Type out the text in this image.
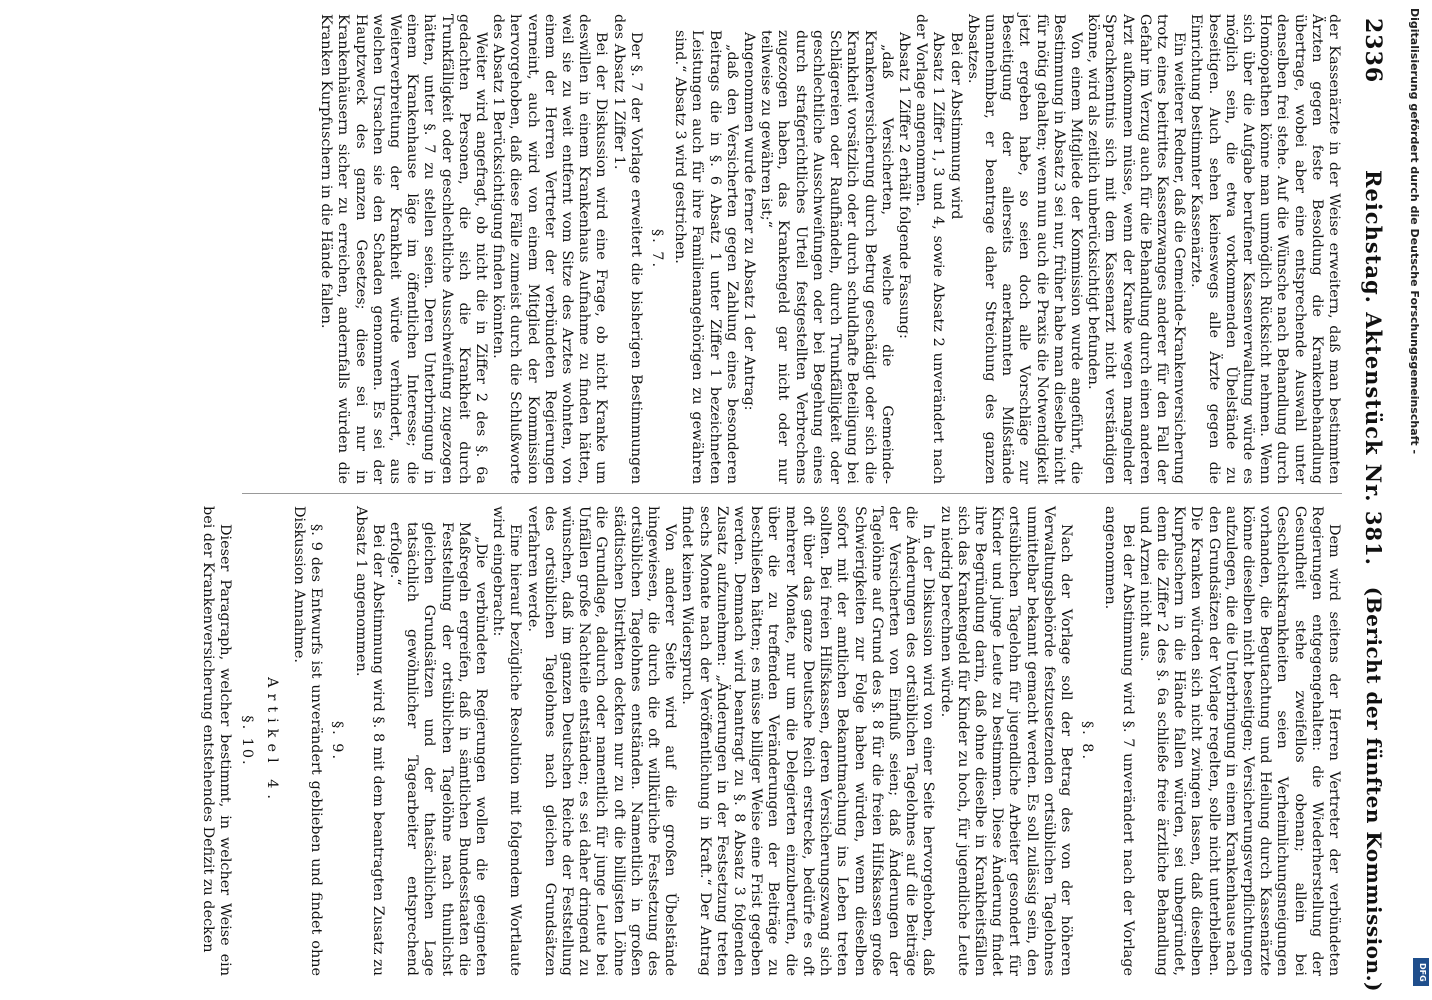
2336
Reichstag. Aktenstück Nr. 381.
(Bericht der fünften Kommission.)

der Kassenärzte in der Weise erweitern, daß man bestimmten Ärzten gegen feste Besoldung die Krankenbehandlung übertrage, wobei aber eine entsprechende Auswahl unter denselben frei stehe. Auf die Wünsche nach Behandlung durch Homöopathen könne man unmöglich Rücksicht nehmen. Wenn sich über die Aufgabe berufener Kassenverwaltung würde es möglich sein, die etwa vorkommenden Übelstände zu beseitigen. Auch sehen keineswegs alle Ärzte gegen die Einrichtung bestimmter Kassenärzte.

Ein weiterer Redner, daß die Gemeinde-Krankenversicherung trotz eines beitrittes Kassenzwanges anderer für den Fall der Gefahr im Verzug auch für die Behandlung durch einen anderen Arzt aufkommen müsse, wenn der Kranke wegen mangelnder Sprachkenntnis sich mit dem Kassenarzt nicht verständigen könne, wird als zeitlich unberücksichtigt befunden.

Von einem Mitgliede der Kommission wurde angeführt, die Bestimmung in Absatz 3 sei nur, früher habe man dieselbe nicht für nötig gehalten; wenn nun auch die Praxis die Notwendigkeit jetzt ergeben habe, so seien doch alle Vorschläge zur Beseitigung der allerseits anerkannten Mißstände unannehmbar, er beantrage daher Streichung des ganzen Absatzes.

Bei der Abstimmung wird

Absatz 1 Ziffer 1, 3 und 4, sowie Absatz 2 unverändert nach der Vorlage angenommen.

Absatz 1 Ziffer 2 erhält folgende Fassung:

„daß Versicherten, welche die Gemeinde-Krankenversicherung durch Betrug geschädigt oder sich die Krankheit vorsätzlich oder durch schuldhafte Beteiligung bei Schlägereien oder Raufhändeln, durch Trunkfälligkeit oder geschlechtliche Ausschweifungen oder bei Begehung eines durch strafgerichtliches Urteil festgestellten Verbrechens zugezogen haben, das Krankengeld gar nicht oder nur teilweise zu gewähren ist;“

Angenommen wurde ferner zu Absatz 1 der Antrag:

„daß den Versicherten gegen Zahlung eines besonderen Beitrags die in §. 6 Absatz 1 unter Ziffer 1 bezeichneten Leistungen auch für ihre Familienangehörigen zu gewähren sind.“ Absatz 3 wird gestrichen.

§. 7.

Der §. 7 der Vorlage erweitert die bisherigen Bestimmungen des Absatz 1 Ziffer 1.

Bei der Diskussion wird eine Frage, ob nicht Kranke um deswillen in einem Krankenhaus Aufnahme zu finden hätten, weil sie zu weit entfernt vom Sitze des Arztes wohnten, von einem der Herren Vertreter der verbündeten Regierungen verneint, auch wird von einem Mitglied der Kommission hervorgehoben, daß diese Fälle zumeist durch die Schlußworte des Absatz 1 Berücksichtigung finden könnten.

Weiter wird angefragt, ob nicht die in Ziffer 2 des §. 6a gedachten Personen, die sich die Krankheit durch Trunkfälligkeit oder geschlechtliche Ausschweifung zugezogen hätten, unter §. 7 zu stellen seien. Deren Unterbringung in einem Krankenhause läge im öffentlichen Interesse; die Weiterverbreitung der Krankheit würde verhindert, aus welchen Ursachen sie den Schaden genommen. Es sei der Hauptzweck des ganzen Gesetzes; diese sei nur in Krankenhäusern sicher zu erreichen, andernfalls würden die Kranken Kurpfuschern in die Hände fallen.

Dem wird seitens der Herren Vertreter der verbündeten Regierungen entgegengehalten: die Wiederherstellung der Gesundheit stehe zweifellos obenan; allein bei Geschlechtskrankheiten seien Verheimlichungsneigungen vorhanden, die Begutachtung und Heilung durch Kassenärzte könne dieselben nicht beseitigen; Versicherungsverpflichtungen aufzulegen, die die Unterbringung in einem Krankenhause nach den Grundsätzen der Vorlage regelten, solle nicht unterbleiben. Die Kranken würden sich nicht zwingen lassen, daß dieselben Kurpfuschern in die Hände fallen würden, sei unbegründet, denn die Ziffer 2 des §. 6a schließe freie ärztliche Behandlung und Arznei nicht aus.

Bei der Abstimmung wird §. 7 unverändert nach der Vorlage angenommen.

§. 8.

Nach der Vorlage soll der Betrag des von der höheren Verwaltungsbehörde festzusetzenden ortsüblichen Tagelohnes unmittelbar bekannt gemacht werden. Es soll zulässig sein, den ortsüblichen Tagelohn für jugendliche Arbeiter gesondert für Kinder und junge Leute zu bestimmen. Diese Änderung findet ihre Begründung darin, daß ohne dieselbe in Krankheitsfällen sich das Krankengeld für Kinder zu hoch, für jugendliche Leute zu niedrig berechnen würde.

In der Diskussion wird von einer Seite hervorgehoben, daß die Änderungen des ortsüblichen Tagelohnes auf die Beiträge der Versicherten von Einfluß seien; daß Änderungen der Tagelöhne auf Grund des §. 8 für die freien Hilfskassen große Schwierigkeiten zur Folge haben würden, wenn dieselben sofort mit der amtlichen Bekanntmachung ins Leben treten sollten. Bei freien Hilfskassen, deren Versicherungszwang sich oft über das ganze Deutsche Reich erstrecke, bedürfe es oft mehrerer Monate, nur um die Delegierten einzuberufen, die über die zu treffenden Veränderungen der Beiträge zu beschließen hätten; es müsse billiger Weise eine Frist gegeben werden. Demnach wird beantragt zu §. 8 Absatz 3 folgenden Zusatz aufzunehmen: „Änderungen in der Festsetzung treten sechs Monate nach der Veröffentlichung in Kraft.“ Der Antrag findet keinen Widerspruch.

Von anderer Seite wird auf die großen Übelstände hingewiesen, die durch die oft willkürliche Festsetzung des ortsüblichen Tagelohnes entständen. Namentlich in großen städtischen Distrikten deckten nur zu oft die billigsten Löhne die Grundlage, dadurch oder namentlich für junge Leute bei Unfällen große Nachteile entständen; es sei daher dringend zu wünschen, daß im ganzen Deutschen Reiche der Feststellung des ortsüblichen Tagelohnes nach gleichen Grundsätzen verfahren werde.

Eine hierauf bezügliche Resolution mit folgendem Wortlaute wird eingebracht:

„Die verbündeten Regierungen wollen die geeigneten Maßregeln ergreifen, daß in sämtlichen Bundesstaaten die Feststellung der ortsüblichen Tagelöhne nach thunlichst gleichen Grundsätzen und der thatsächlichen Lage tatsächlich gewöhnlicher Tagearbeiter entsprechend erfolge.“

Bei der Abstimmung wird §. 8 mit dem beantragten Zusatz zu Absatz 1 angenommen.

§. 9.

§. 9 des Entwurfs ist unverändert geblieben und findet ohne Diskussion Annahme.

Artikel 4.

§. 10.

Dieser Paragraph, welcher bestimmt, in welcher Weise ein bei der Krankenversicherung entstehendes Defizit zu decken

Digitalisierung gefördert durch die Deutsche Forschungsgemeinschaft -
DFG
